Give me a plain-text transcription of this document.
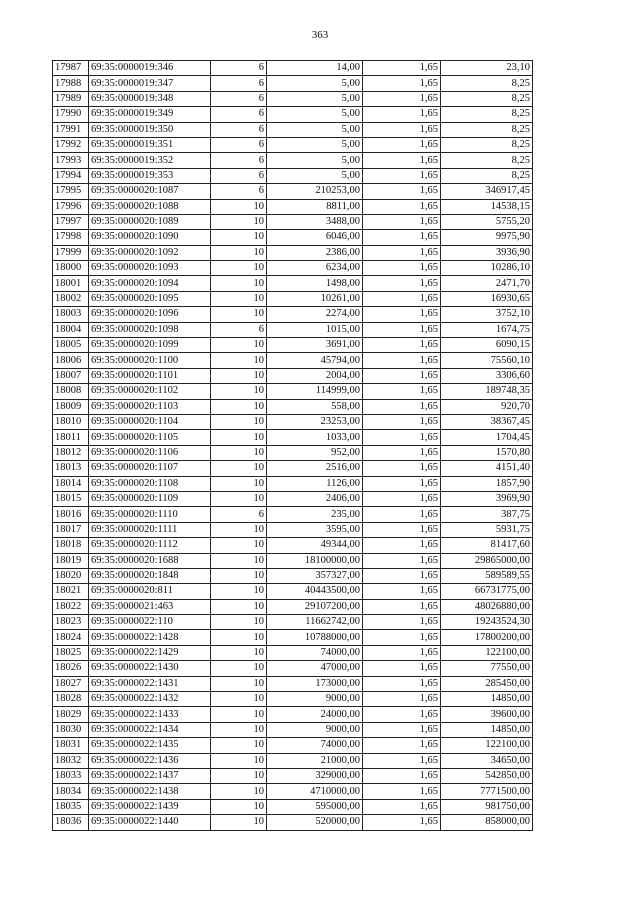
363
17987	69:35:0000019:346	6	14,00	1,65	23,10
17988	69:35:0000019:347	6	5,00	1,65	8,25
17989	69:35:0000019:348	6	5,00	1,65	8,25
17990	69:35:0000019:349	6	5,00	1,65	8,25
17991	69:35:0000019:350	6	5,00	1,65	8,25
17992	69:35:0000019:351	6	5,00	1,65	8,25
17993	69:35:0000019:352	6	5,00	1,65	8,25
17994	69:35:0000019:353	6	5,00	1,65	8,25
17995	69:35:0000020:1087	6	210253,00	1,65	346917,45
17996	69:35:0000020:1088	10	8811,00	1,65	14538,15
17997	69:35:0000020:1089	10	3488,00	1,65	5755,20
17998	69:35:0000020:1090	10	6046,00	1,65	9975,90
17999	69:35:0000020:1092	10	2386,00	1,65	3936,90
18000	69:35:0000020:1093	10	6234,00	1,65	10286,10
18001	69:35:0000020:1094	10	1498,00	1,65	2471,70
18002	69:35:0000020:1095	10	10261,00	1,65	16930,65
18003	69:35:0000020:1096	10	2274,00	1,65	3752,10
18004	69:35:0000020:1098	6	1015,00	1,65	1674,75
18005	69:35:0000020:1099	10	3691,00	1,65	6090,15
18006	69:35:0000020:1100	10	45794,00	1,65	75560,10
18007	69:35:0000020:1101	10	2004,00	1,65	3306,60
18008	69:35:0000020:1102	10	114999,00	1,65	189748,35
18009	69:35:0000020:1103	10	558,00	1,65	920,70
18010	69:35:0000020:1104	10	23253,00	1,65	38367,45
18011	69:35:0000020:1105	10	1033,00	1,65	1704,45
18012	69:35:0000020:1106	10	952,00	1,65	1570,80
18013	69:35:0000020:1107	10	2516,00	1,65	4151,40
18014	69:35:0000020:1108	10	1126,00	1,65	1857,90
18015	69:35:0000020:1109	10	2406,00	1,65	3969,90
18016	69:35:0000020:1110	6	235,00	1,65	387,75
18017	69:35:0000020:1111	10	3595,00	1,65	5931,75
18018	69:35:0000020:1112	10	49344,00	1,65	81417,60
18019	69:35:0000020:1688	10	18100000,00	1,65	29865000,00
18020	69:35:0000020:1848	10	357327,00	1,65	589589,55
18021	69:35:0000020:811	10	40443500,00	1,65	66731775,00
18022	69:35:0000021:463	10	29107200,00	1,65	48026880,00
18023	69:35:0000022:110	10	11662742,00	1,65	19243524,30
18024	69:35:0000022:1428	10	10788000,00	1,65	17800200,00
18025	69:35:0000022:1429	10	74000,00	1,65	122100,00
18026	69:35:0000022:1430	10	47000,00	1,65	77550,00
18027	69:35:0000022:1431	10	173000,00	1,65	285450,00
18028	69:35:0000022:1432	10	9000,00	1,65	14850,00
18029	69:35:0000022:1433	10	24000,00	1,65	39600,00
18030	69:35:0000022:1434	10	9000,00	1,65	14850,00
18031	69:35:0000022:1435	10	74000,00	1,65	122100,00
18032	69:35:0000022:1436	10	21000,00	1,65	34650,00
18033	69:35:0000022:1437	10	329000,00	1,65	542850,00
18034	69:35:0000022:1438	10	4710000,00	1,65	7771500,00
18035	69:35:0000022:1439	10	595000,00	1,65	981750,00
18036	69:35:0000022:1440	10	520000,00	1,65	858000,00
